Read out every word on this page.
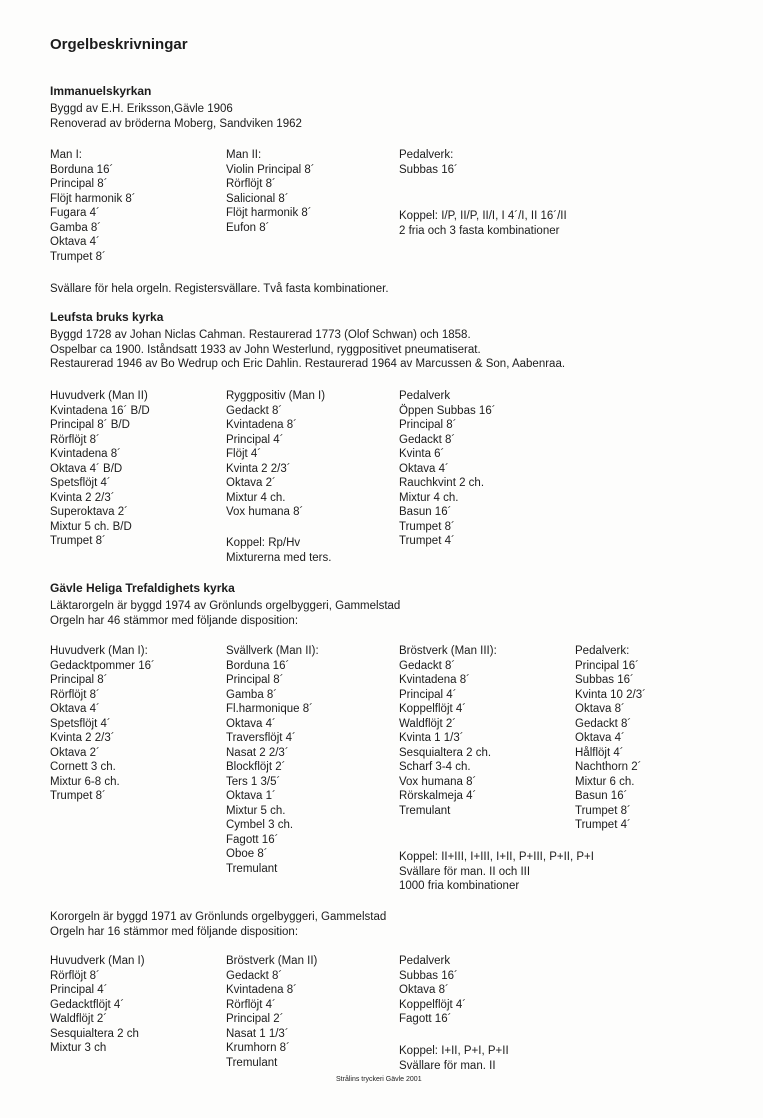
Orgelbeskrivningar
Immanuelskyrkan
Byggd av E.H. Eriksson,Gävle 1906
Renoverad av bröderna Moberg, Sandviken 1962
Man I:
Borduna 16´
Principal 8´
Flöjt harmonik 8´
Fugara 4´
Gamba 8´
Oktava 4´
Trumpet 8´
Man II:
Violin Principal 8´
Rörflöjt 8´
Salicional 8´
Flöjt harmonik 8´
Eufon 8´
Pedalverk:
Subbas 16´
Koppel: I/P, II/P, II/I, I 4´/I, II 16´/II
2 fria och 3 fasta kombinationer
Svällare för hela orgeln. Registersvällare. Två fasta kombinationer.
Leufsta bruks kyrka
Byggd 1728 av Johan Niclas Cahman. Restaurerad 1773 (Olof Schwan) och 1858.
Ospelbar ca 1900. Iståndsatt 1933 av John Westerlund, ryggpositivet pneumatiserat.
Restaurerad 1946 av Bo Wedrup och Eric Dahlin. Restaurerad 1964 av Marcussen & Son, Aabenraa.
Huvudverk (Man II)
Kvintadena 16´ B/D
Principal 8´ B/D
Rörflöjt 8´
Kvintadena 8´
Oktava 4´ B/D
Spetsflöjt 4´
Kvinta 2 2/3´
Superoktava 2´
Mixtur 5 ch. B/D
Trumpet 8´
Ryggpositiv (Man I)
Gedackt 8´
Kvintadena 8´
Principal 4´
Flöjt 4´
Kvinta 2 2/3´
Oktava 2´
Mixtur 4 ch.
Vox humana 8´
Koppel: Rp/Hv
Mixturerna med ters.
Pedalverk
Öppen Subbas 16´
Principal 8´
Gedackt 8´
Kvinta 6´
Oktava 4´
Rauchkvint 2 ch.
Mixtur 4 ch.
Basun 16´
Trumpet 8´
Trumpet 4´
Gävle Heliga Trefaldighets kyrka
Läktarorgeln är byggd 1974 av Grönlunds orgelbyggeri, Gammelstad
Orgeln har 46 stämmor med följande disposition:
Huvudverk (Man I):
Gedacktpommer 16´
Principal 8´
Rörflöjt 8´
Oktava 4´
Spetsflöjt 4´
Kvinta 2 2/3´
Oktava 2´
Cornett 3 ch.
Mixtur 6-8 ch.
Trumpet 8´
Svällverk (Man II):
Borduna 16´
Principal 8´
Gamba 8´
Fl.harmonique 8´
Oktava 4´
Traversflöjt 4´
Nasat 2 2/3´
Blockflöjt 2´
Ters 1 3/5´
Oktava 1´
Mixtur 5 ch.
Cymbel 3 ch.
Fagott 16´
Oboe 8´
Tremulant
Bröstverk (Man III):
Gedackt 8´
Kvintadena 8´
Principal 4´
Koppelflöjt 4´
Waldflöjt 2´
Kvinta 1 1/3´
Sesquialtera 2 ch.
Scharf 3-4 ch.
Vox humana 8´
Rörskalmeja 4´
Tremulant
Koppel: II+III, I+III, I+II, P+III, P+II, P+I
Svällare för man. II och III
1000 fria kombinationer
Pedalverk:
Principal 16´
Subbas 16´
Kvinta 10 2/3´
Oktava 8´
Gedackt 8´
Oktava 4´
Hålflöjt 4´
Nachthorn 2´
Mixtur 6 ch.
Basun 16´
Trumpet 8´
Trumpet 4´
Kororgeln är byggd 1971 av Grönlunds orgelbyggeri, Gammelstad
Orgeln har 16 stämmor med följande disposition:
Huvudverk (Man I)
Rörflöjt 8´
Principal 4´
Gedacktflöjt 4´
Waldflöjt 2´
Sesquialtera 2 ch
Mixtur 3 ch
Bröstverk (Man II)
Gedackt 8´
Kvintadena 8´
Rörflöjt 4´
Principal 2´
Nasat 1 1/3´
Krumhorn 8´
Tremulant
Pedalverk
Subbas 16´
Oktava 8´
Koppelflöjt 4´
Fagott 16´
Koppel: I+II, P+I, P+II
Svällare för man. II
Strålins tryckeri Gävle 2001
